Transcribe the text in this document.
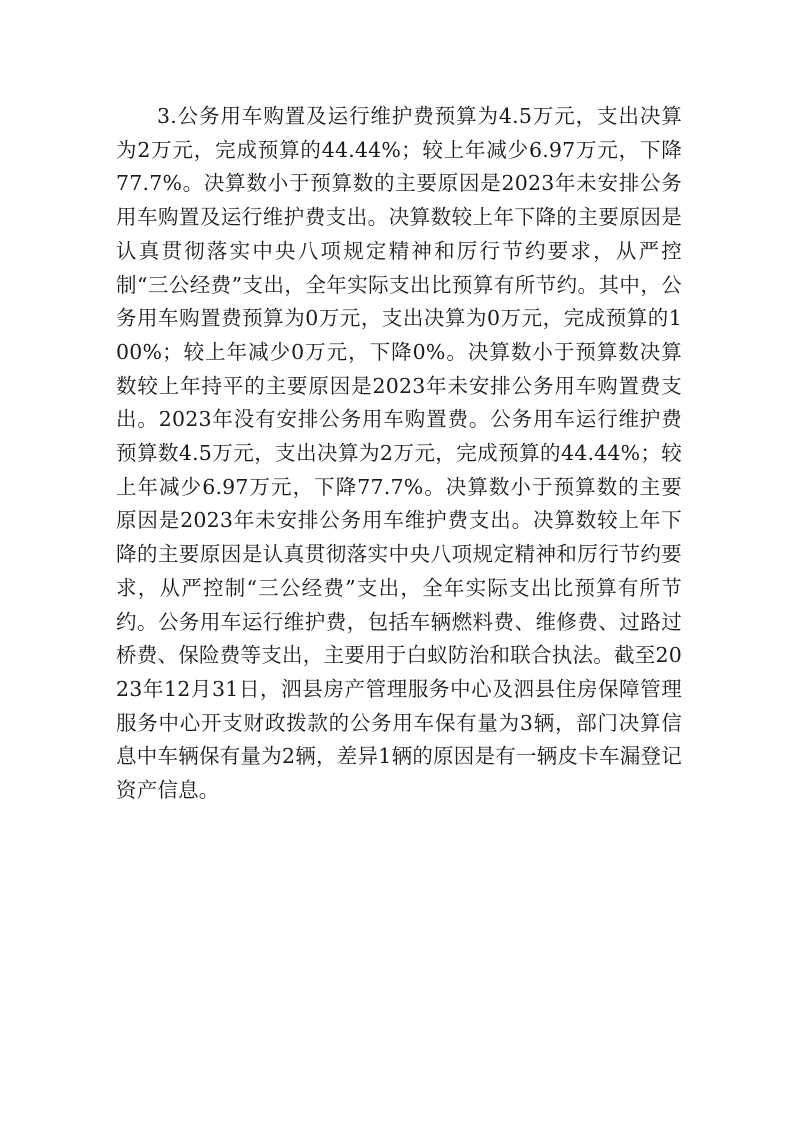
3.公务用车购置及运行维护费预算为4.5万元，支出决算为2万元，完成预算的44.44%；较上年减少6.97万元，下降77.7%。决算数小于预算数的主要原因是2023年未安排公务用车购置及运行维护费支出。决算数较上年下降的主要原因是认真贯彻落实中央八项规定精神和厉行节约要求，从严控制“三公经费”支出，全年实际支出比预算有所节约。其中，公务用车购置费预算为0万元，支出决算为0万元，完成预算的100%；较上年减少0万元，下降0%。决算数小于预算数决算数较上年持平的主要原因是2023年未安排公务用车购置费支出。2023年没有安排公务用车购置费。公务用车运行维护费预算数4.5万元，支出决算为2万元，完成预算的44.44%；较上年减少6.97万元，下降77.7%。决算数小于预算数的主要原因是2023年未安排公务用车维护费支出。决算数较上年下降的主要原因是认真贯彻落实中央八项规定精神和厉行节约要求，从严控制“三公经费”支出，全年实际支出比预算有所节约。公务用车运行维护费，包括车辆燃料费、维修费、过路过桥费、保险费等支出，主要用于白蚁防治和联合执法。截至2023年12月31日，泗县房产管理服务中心及泗县住房保障管理服务中心开支财政拨款的公务用车保有量为3辆，部门决算信息中车辆保有量为2辆，差异1辆的原因是有一辆皮卡车漏登记资产信息。
